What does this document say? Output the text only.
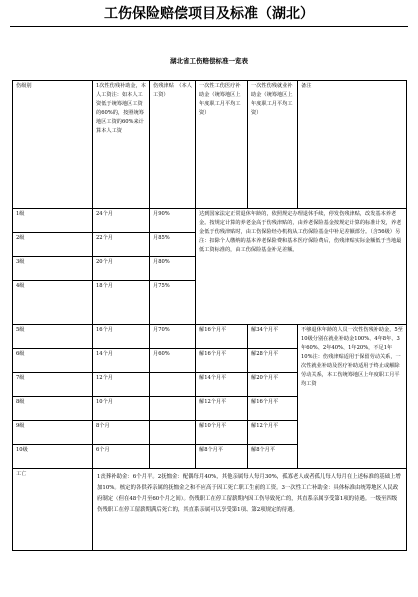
工伤保险赔偿项目及标准（湖北）
湖北省工伤赔偿标准一览表
伤级别	1次性伤残补助金，本人工资注：如本人工资低于统筹地区工资的60%的，按照统筹地区工资的60%来计算本人工资	伤残津贴　（本人工资）	一次性工伤医疗补助金（统筹地区上年度职工月平均工资）	一次性伤残就业补助金（统筹地区上年度职工月平均工资）	备注
1级	24个月	月90%	达到国家法定正常退休年龄的，依照规定办理退休手续，停发伤残津贴，改发基本养老金。按规定计算的养老金高于伤残津贴的，由养老保险基金按规定计算的标准计发，养老金低于伤残津贴时，由工伤保险经办机构从工伤保险基金中补足差额部分。（含56级）另注：扣除个人缴纳的基本养老保险费和基本医疗保险费后，伤残津贴实际金额低于当地最低工资标准的，由工伤保险基金补足差额。		
2级	22个月	月85%			
3级	20个月	月80%			
4级	18个月	月75%			
5级	16个月	月70%	解16个月平	解34个月平	不够退休年龄的人员一次性伤残补助金，5至10级分别在就业补助金100%、4年8年、3年60%、2年40%、1年20%，不足1年10%注：伤残津贴适用于保留劳动关系，一次性就业补助及医疗补助适用于终止或解除劳动关系，本工伤统筹地区上年度职工月平均工资
6级	14个月	月60%	解16个月平	解28个月平	
7级	12个月		解14个月平	解20个月平	
8级	10个月		解12个月平	解16个月平	
9级	8个月		解10个月平	解12个月平	
10级	6个月		解8个月平	解8个月平	
工亡	1丧葬补助金：6个月平。2抚恤金：配偶每月40%，其他亲属每人每月30%，孤寡老人或者孤儿每人每月在上述标准的基础上增加10%。核定的各供养亲属的抚恤金之和不应高于因工死亡职工生前的工资。3一次性工亡补助金：具体标准由统筹地区人民政府制定（但在48个月至60个月之间）。伤残职工在停工留薪期内因工伤导致死亡的，其直系亲属享受第1项的待遇。一级至四级伤残职工在停工留薪期满后死亡的，其直系亲属可以享受第1项、第2项规定的待遇。				
